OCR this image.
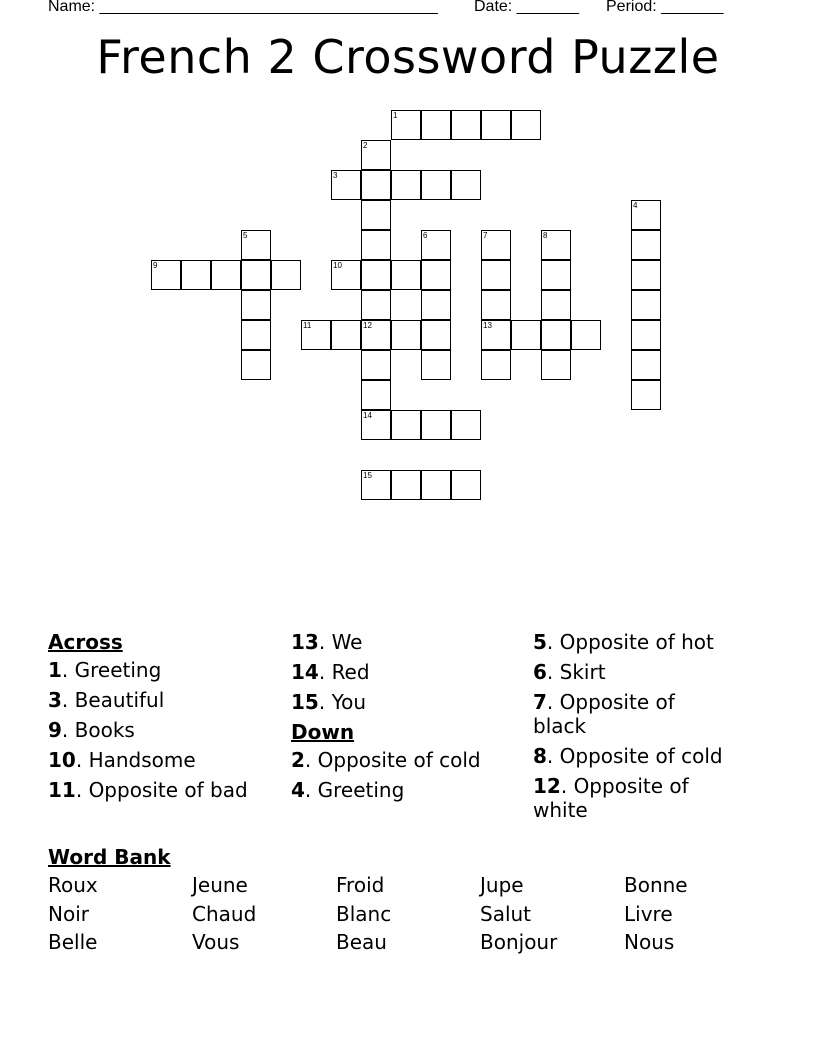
Name: ______________________________________ Date: _______ Period: _______
French 2 Crossword Puzzle
1
3
9	10
11	13
14
15
2
4
5	6	7	8
12
Across
1. Greeting
3. Beautiful
9. Books
10. Handsome
11. Opposite of bad
13. We
14. Red
15. You
Down
2. Opposite of cold
4. Greeting
5. Opposite of hot
6. Skirt
7. Opposite of black
8. Opposite of cold
12. Opposite of white
Word Bank
Roux	Jeune	Froid	Jupe	Bonne
Noir	Chaud	Blanc	Salut	Livre
Belle	Vous	Beau	Bonjour	Nous
